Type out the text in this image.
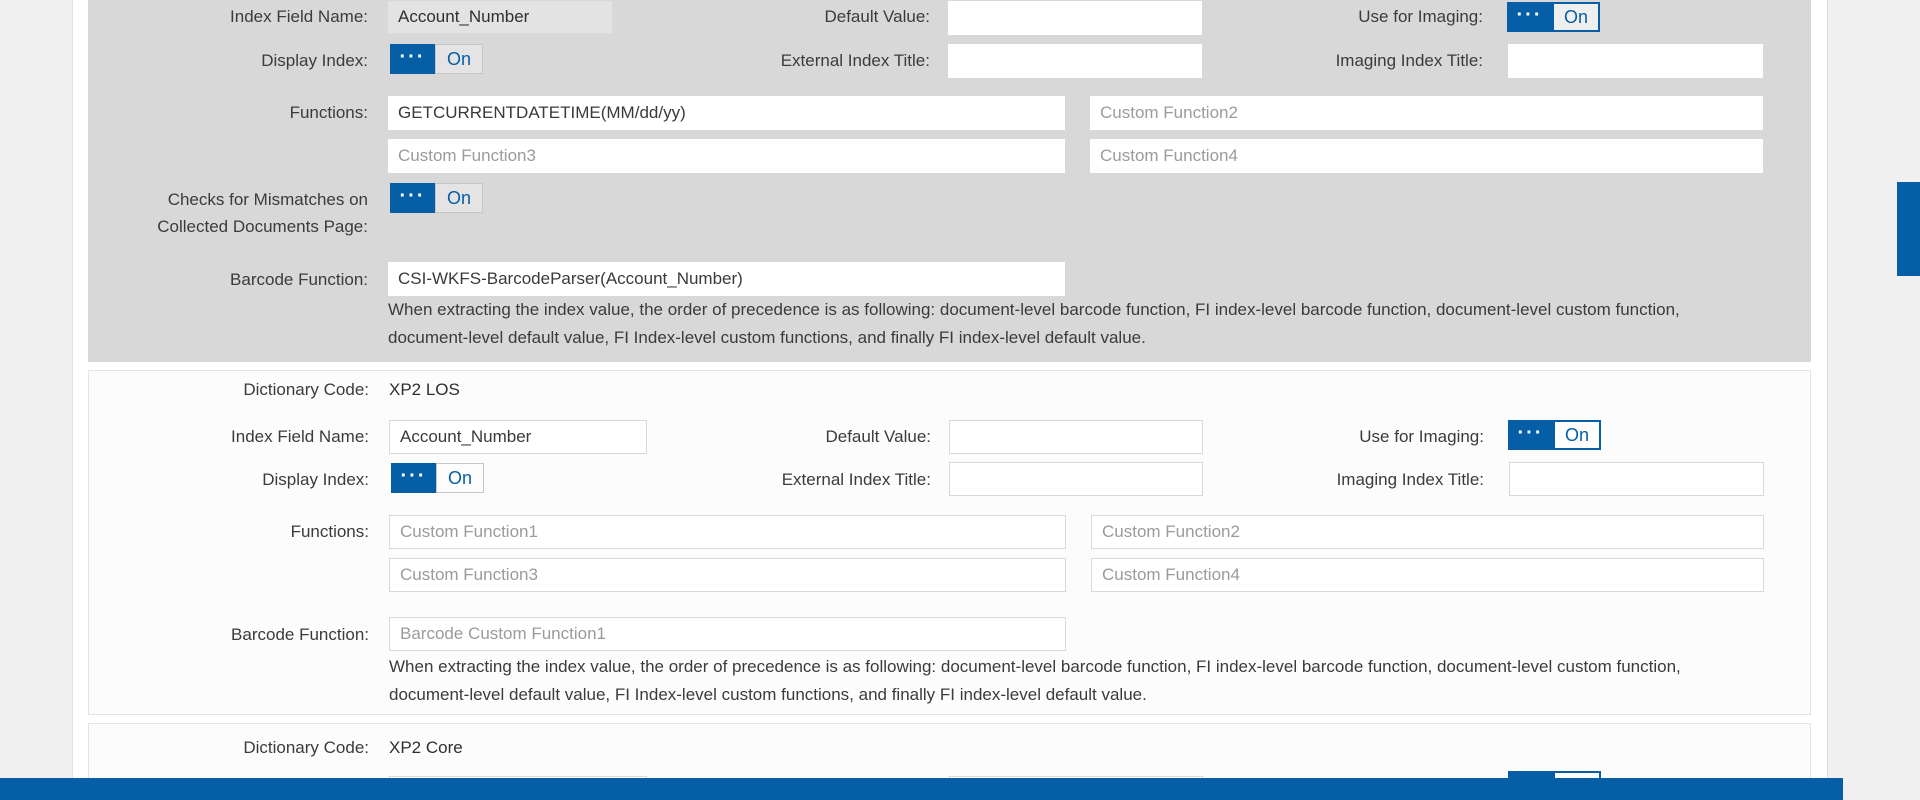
Index Field Name:	Account_Number	Default Value:	Use for Imaging:	···	On
Display Index:	···	On	External Index Title:	Imaging Index Title:
Functions:
GETCURRENTDATETIME(MM/dd/yy)
Custom Function2
Custom Function3
Custom Function4
Checks for Mismatches on
Collected Documents Page:
···	On
Barcode Function:
CSI-WKFS-BarcodeParser(Account_Number)
When extracting the index value, the order of precedence is as following: document-level barcode function, FI index-level barcode function, document-level custom function,
document-level default value, FI Index-level custom functions, and finally FI index-level default value.
Dictionary Code: XP2 LOS
Index Field Name:
Account_Number	Default Value:	Use for Imaging:	···	On
Display Index:	···	On	External Index Title:	Imaging Index Title:
Functions:
Custom Function1
Custom Function2
Custom Function3
Custom Function4
Barcode Function:
Barcode Custom Function1
When extracting the index value, the order of precedence is as following: document-level barcode function, FI index-level barcode function, document-level custom function,
document-level default value, FI Index-level custom functions, and finally FI index-level default value.
Dictionary Code: XP2 Core
